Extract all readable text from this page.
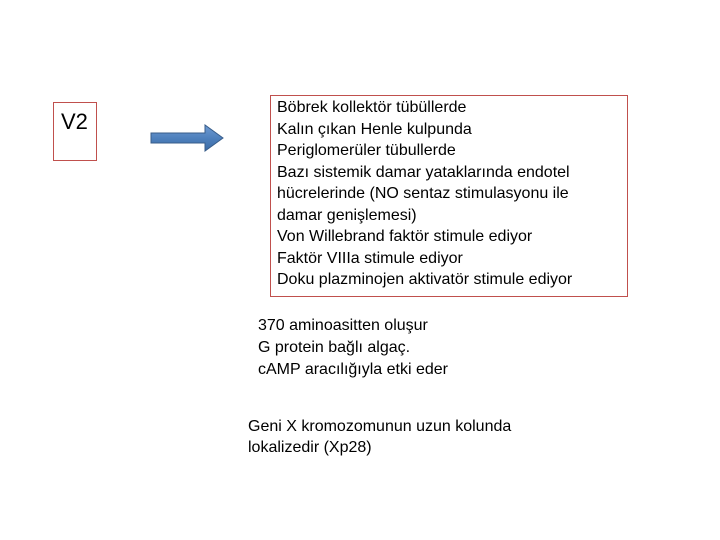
V2
Böbrek kollektör tübüllerde
Kalın çıkan Henle kulpunda
Periglomerüler tübullerde
Bazı sistemik damar yataklarında endotel
hücrelerinde (NO sentaz stimulasyonu ile
damar genişlemesi)
Von Willebrand faktör stimule ediyor
Faktör VIIIa stimule ediyor
Doku plazminojen aktivatör stimule ediyor
370 aminoasitten oluşur
G protein bağlı algaç.
cAMP aracılığıyla etki eder
Geni X kromozomunun uzun kolunda
lokalizedir (Xp28)
